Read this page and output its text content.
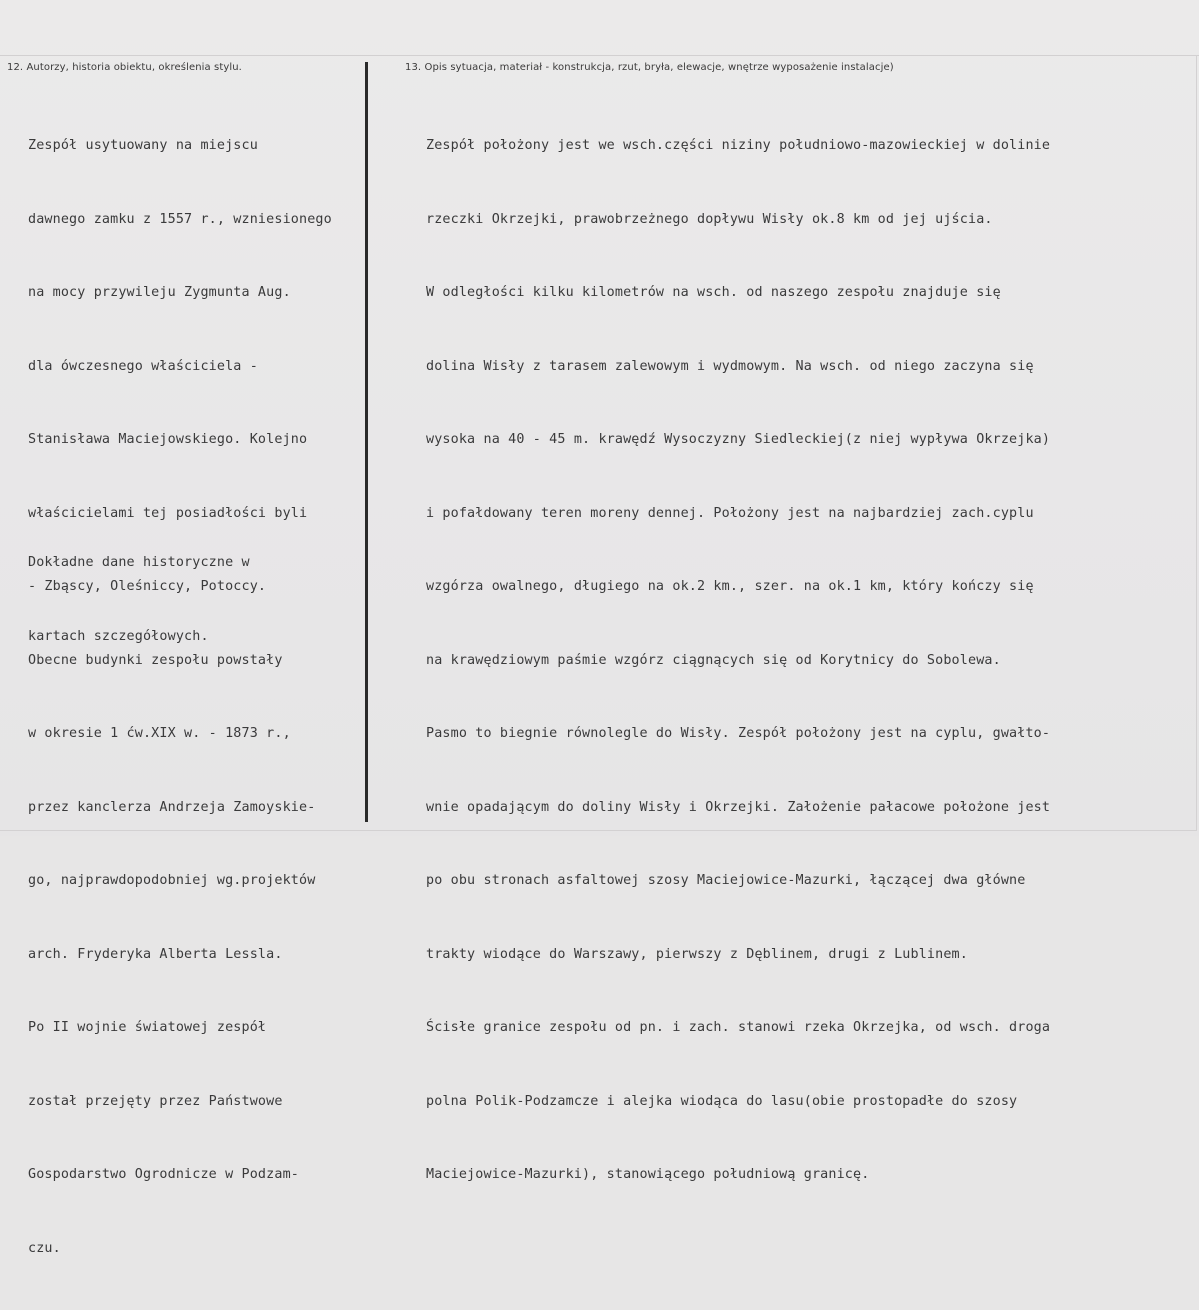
12. Autorzy, historia obiektu, określenia stylu.	13. Opis sytuacja, materiał - konstrukcja, rzut, bryła, elewacje, wnętrze wyposażenie instalacje)

Zespół usytuowany na miejscu

dawnego zamku z 1557 r., wzniesionego

na mocy przywileju Zygmunta Aug.

dla ówczesnego właściciela -

Stanisława Maciejowskiego. Kolejno

właścicielami tej posiadłości byli

- Zbąscy, Oleśniccy, Potoccy.

Obecne budynki zespołu powstały

w okresie 1 ćw.XIX w. - 1873 r.,

przez kanclerza Andrzeja Zamoyskie-

go, najprawdopodobniej wg.projektów

arch. Fryderyka Alberta Lessla.

Po II wojnie światowej zespół

został przejęty przez Państwowe

Gospodarstwo Ogrodnicze w Podzam-

czu.

Dokładne dane historyczne w

kartach szczegółowych.

Zespół położony jest we wsch.części niziny południowo-mazowieckiej w dolinie

rzeczki Okrzejki, prawobrzeżnego dopływu Wisły ok.8 km od jej ujścia.

W odległości kilku kilometrów na wsch. od naszego zespołu znajduje się

dolina Wisły z tarasem zalewowym i wydmowym. Na wsch. od niego zaczyna się

wysoka na 40 - 45 m. krawędź Wysoczyzny Siedleckiej(z niej wypływa Okrzejka)

i pofałdowany teren moreny dennej. Położony jest na najbardziej zach.cyplu

wzgórza owalnego, długiego na ok.2 km., szer. na ok.1 km, który kończy się

na krawędziowym paśmie wzgórz ciągnących się od Korytnicy do Sobolewa.

Pasmo to biegnie równolegle do Wisły. Zespół położony jest na cyplu, gwałto-

wnie opadającym do doliny Wisły i Okrzejki. Założenie pałacowe położone jest

po obu stronach asfaltowej szosy Maciejowice-Mazurki, łączącej dwa główne

trakty wiodące do Warszawy, pierwszy z Dęblinem, drugi z Lublinem.

Ścisłe granice zespołu od pn. i zach. stanowi rzeka Okrzejka, od wsch. droga

polna Polik-Podzamcze i alejka wiodąca do lasu(obie prostopadłe do szosy

Maciejowice-Mazurki), stanowiącego południową granicę.
